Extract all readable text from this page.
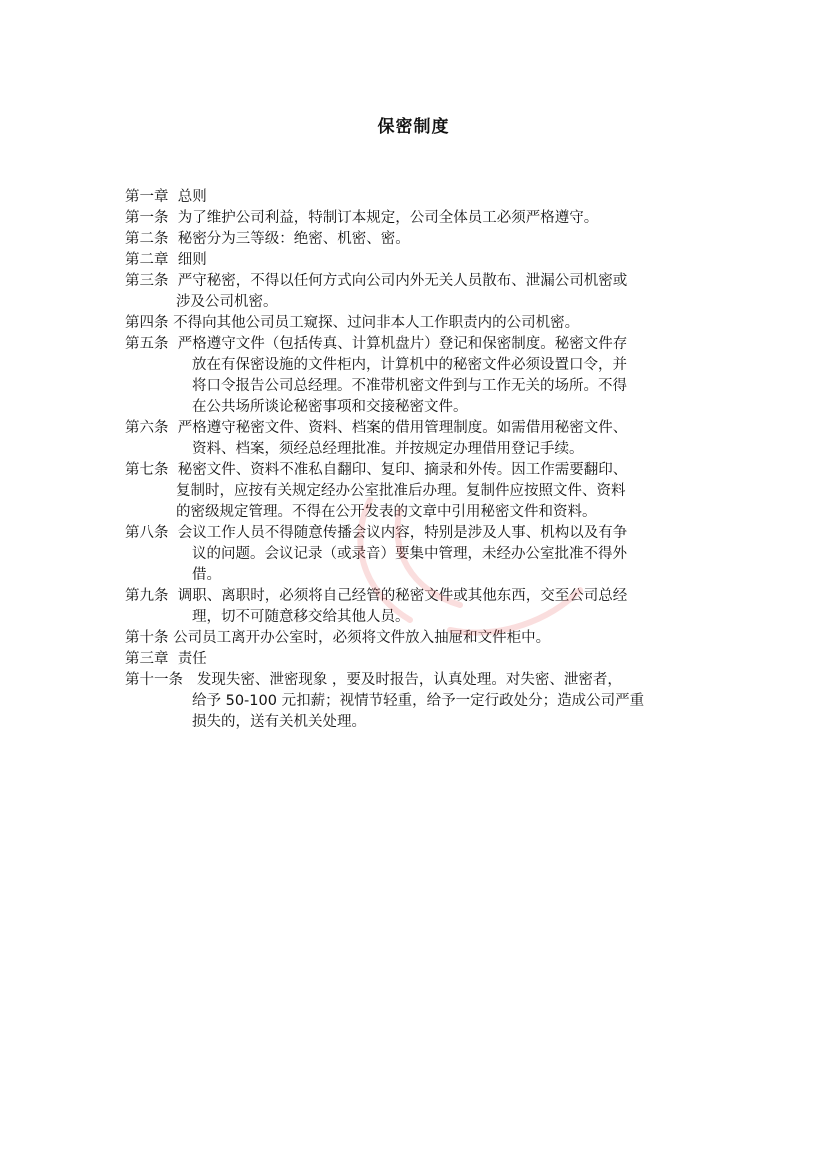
保密制度
第一章 总则
第一条 为了维护公司利益，特制订本规定，公司全体员工必须严格遵守。
第二条 秘密分为三等级：绝密、机密、密。
第二章 细则
第三条 严守秘密，不得以任何方式向公司内外无关人员散布、泄漏公司机密或
涉及公司机密。
第四条 不得向其他公司员工窥探、过问非本人工作职责内的公司机密。
第五条 严格遵守文件（包括传真、计算机盘片）登记和保密制度。秘密文件存
放在有保密设施的文件柜内，计算机中的秘密文件必须设置口令，并
将口令报告公司总经理。不准带机密文件到与工作无关的场所。不得
在公共场所谈论秘密事项和交接秘密文件。
第六条 严格遵守秘密文件、资料、档案的借用管理制度。如需借用秘密文件、
资料、档案，须经总经理批准。并按规定办理借用登记手续。
第七条 秘密文件、资料不准私自翻印、复印、摘录和外传。因工作需要翻印、
复制时，应按有关规定经办公室批准后办理。复制件应按照文件、资料
的密级规定管理。不得在公开发表的文章中引用秘密文件和资料。
第八条 会议工作人员不得随意传播会议内容，特别是涉及人事、机构以及有争
议的问题。会议记录（或录音）要集中管理，未经办公室批准不得外
借。
第九条 调职、离职时，必须将自己经管的秘密文件或其他东西，交至公司总经
理，切不可随意移交给其他人员。
第十条 公司员工离开办公室时，必须将文件放入抽屉和文件柜中。
第三章 责任
第十一条 发现失密、泄密现象 ，要及时报告，认真处理。对失密、泄密者，
给予 50-100 元扣薪；视情节轻重，给予一定行政处分；造成公司严重
损失的，送有关机关处理。
